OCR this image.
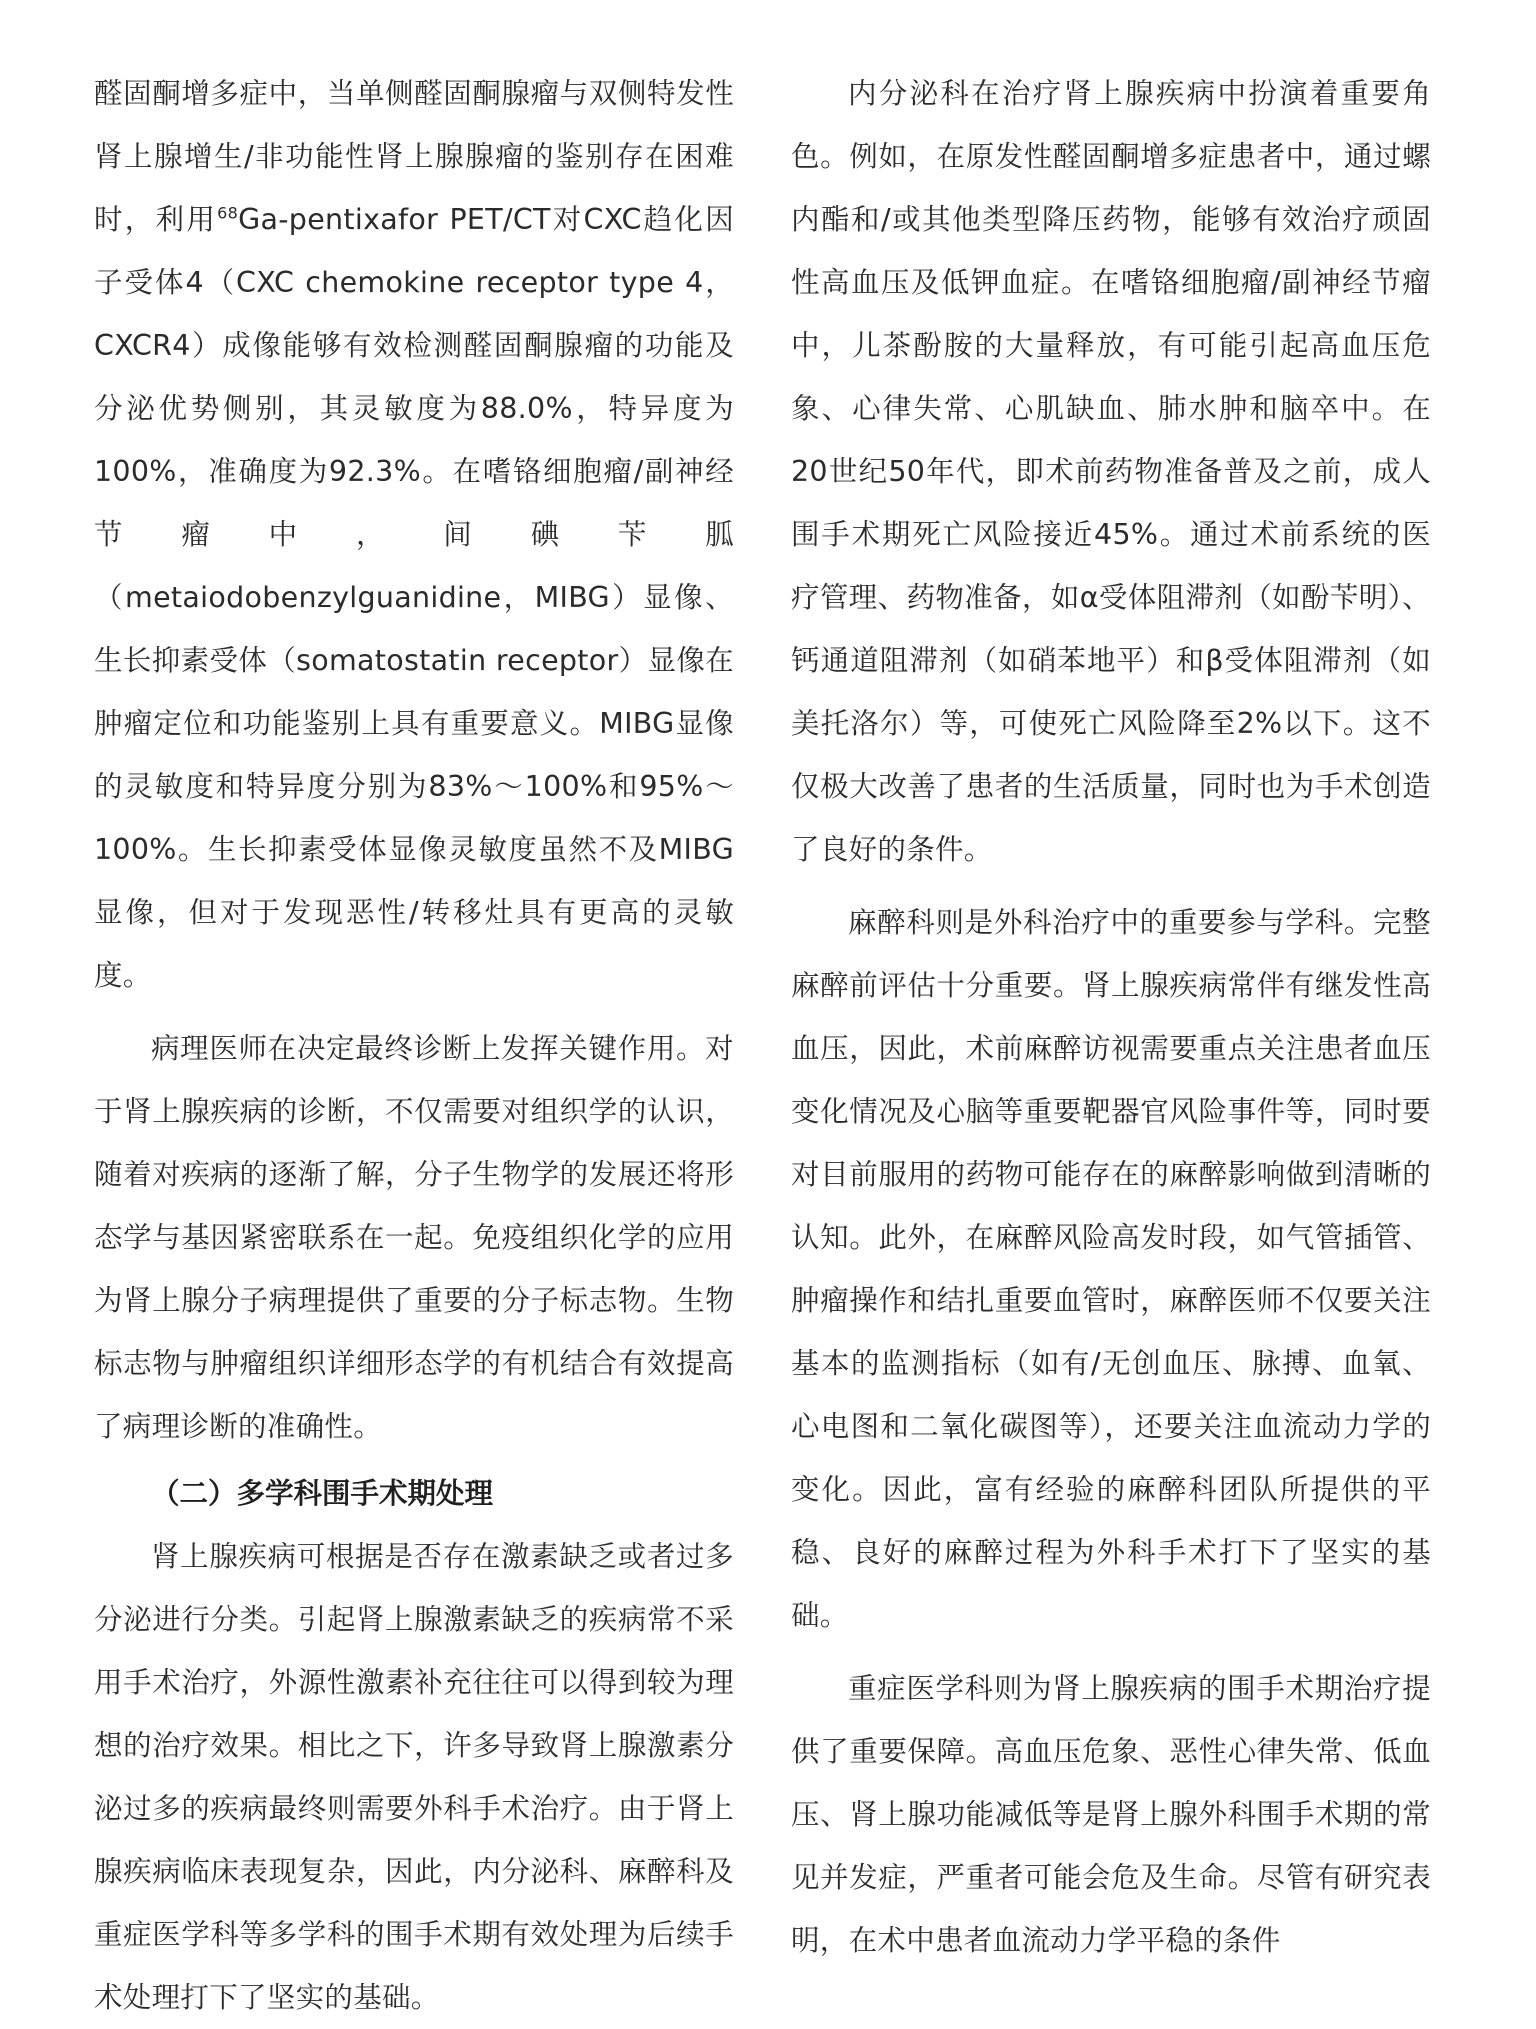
醛固酮增多症中，当单侧醛固酮腺瘤与双侧特发性肾上腺增生/非功能性肾上腺腺瘤的鉴别存在困难时，利用$^{68}$Ga-pentixafor PET/CT对CXC趋化因子受体4（CXC chemokine receptor type 4，CXCR4）成像能够有效检测醛固酮腺瘤的功能及分泌优势侧别，其灵敏度为88.0%，特异度为100%，准确度为92.3%。在嗜铬细胞瘤/副神经节瘤中，间碘苄胍（metaiodobenzylguanidine，MIBG）显像、生长抑素受体（somatostatin receptor）显像在肿瘤定位和功能鉴别上具有重要意义。MIBG显像的灵敏度和特异度分别为83%～100%和95%～100%。生长抑素受体显像灵敏度虽然不及MIBG显像，但对于发现恶性/转移灶具有更高的灵敏度。

病理医师在决定最终诊断上发挥关键作用。对于肾上腺疾病的诊断，不仅需要对组织学的认识，随着对疾病的逐渐了解，分子生物学的发展还将形态学与基因紧密联系在一起。免疫组织化学的应用为肾上腺分子病理提供了重要的分子标志物。生物标志物与肿瘤组织详细形态学的有机结合有效提高了病理诊断的准确性。

（二）多学科围手术期处理

肾上腺疾病可根据是否存在激素缺乏或者过多分泌进行分类。引起肾上腺激素缺乏的疾病常不采用手术治疗，外源性激素补充往往可以得到较为理想的治疗效果。相比之下，许多导致肾上腺激素分泌过多的疾病最终则需要外科手术治疗。由于肾上腺疾病临床表现复杂，因此，内分泌科、麻醉科及重症医学科等多学科的围手术期有效处理为后续手术处理打下了坚实的基础。

内分泌科在治疗肾上腺疾病中扮演着重要角色。例如，在原发性醛固酮增多症患者中，通过螺内酯和/或其他类型降压药物，能够有效治疗顽固性高血压及低钾血症。在嗜铬细胞瘤/副神经节瘤中，儿茶酚胺的大量释放，有可能引起高血压危象、心律失常、心肌缺血、肺水肿和脑卒中。在20世纪50年代，即术前药物准备普及之前，成人围手术期死亡风险接近45%。通过术前系统的医疗管理、药物准备，如α受体阻滞剂（如酚苄明）、钙通道阻滞剂（如硝苯地平）和β受体阻滞剂（如美托洛尔）等，可使死亡风险降至2%以下。这不仅极大改善了患者的生活质量，同时也为手术创造了良好的条件。

麻醉科则是外科治疗中的重要参与学科。完整麻醉前评估十分重要。肾上腺疾病常伴有继发性高血压，因此，术前麻醉访视需要重点关注患者血压变化情况及心脑等重要靶器官风险事件等，同时要对目前服用的药物可能存在的麻醉影响做到清晰的认知。此外，在麻醉风险高发时段，如气管插管、肿瘤操作和结扎重要血管时，麻醉医师不仅要关注基本的监测指标（如有/无创血压、脉搏、血氧、心电图和二氧化碳图等），还要关注血流动力学的变化。因此，富有经验的麻醉科团队所提供的平稳、良好的麻醉过程为外科手术打下了坚实的基础。

重症医学科则为肾上腺疾病的围手术期治疗提供了重要保障。高血压危象、恶性心律失常、低血压、肾上腺功能减低等是肾上腺外科围手术期的常见并发症，严重者可能会危及生命。尽管有研究表明，在术中患者血流动力学平稳的条件
